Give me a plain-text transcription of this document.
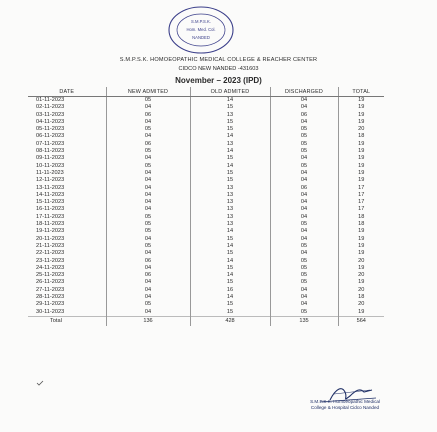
S.M.P.S.K.
Hom. Med. Col.
NANDED
S.M.P.S.K. HOMOEOPATHIC MEDICAL COLLEGE & REACHER CENTER
CIDCO NEW NANDED -431603
November – 2023 (IPD)
DATE	NEW ADMITED	OLD ADMITED	DISCHARGED	TOTAL
01-11-2023	05	14	04	19
02-11-2023	04	15	04	19
03-11-2023	06	13	06	19
04-11-2023	04	15	04	19
05-11-2023	05	15	05	20
06-11-2023	04	14	05	18
07-11-2023	06	13	05	19
08-11-2023	05	14	05	19
09-11-2023	04	15	04	19
10-11-2023	05	14	05	19
11-11-2023	04	15	04	19
12-11-2023	04	15	04	19
13-11-2023	04	13	06	17
14-11-2023	04	13	04	17
15-11-2023	04	13	04	17
16-11-2023	04	13	04	17
17-11-2023	05	13	04	18
18-11-2023	05	13	05	18
19-11-2023	05	14	04	19
20-11-2023	04	15	04	19
21-11-2023	05	14	05	19
22-11-2023	04	15	04	19
23-11-2023	06	14	05	20
24-11-2023	04	15	05	19
25-11-2023	06	14	05	20
26-11-2023	04	15	05	19
27-11-2023	04	16	04	20
28-11-2023	04	14	04	18
29-11-2023	05	15	04	20
30-11-2023	04	15	05	19
Total	136	428	135	564
S.M.P.S.K. Homoeopathic Medical
College & Hospital Cidco Nanded
